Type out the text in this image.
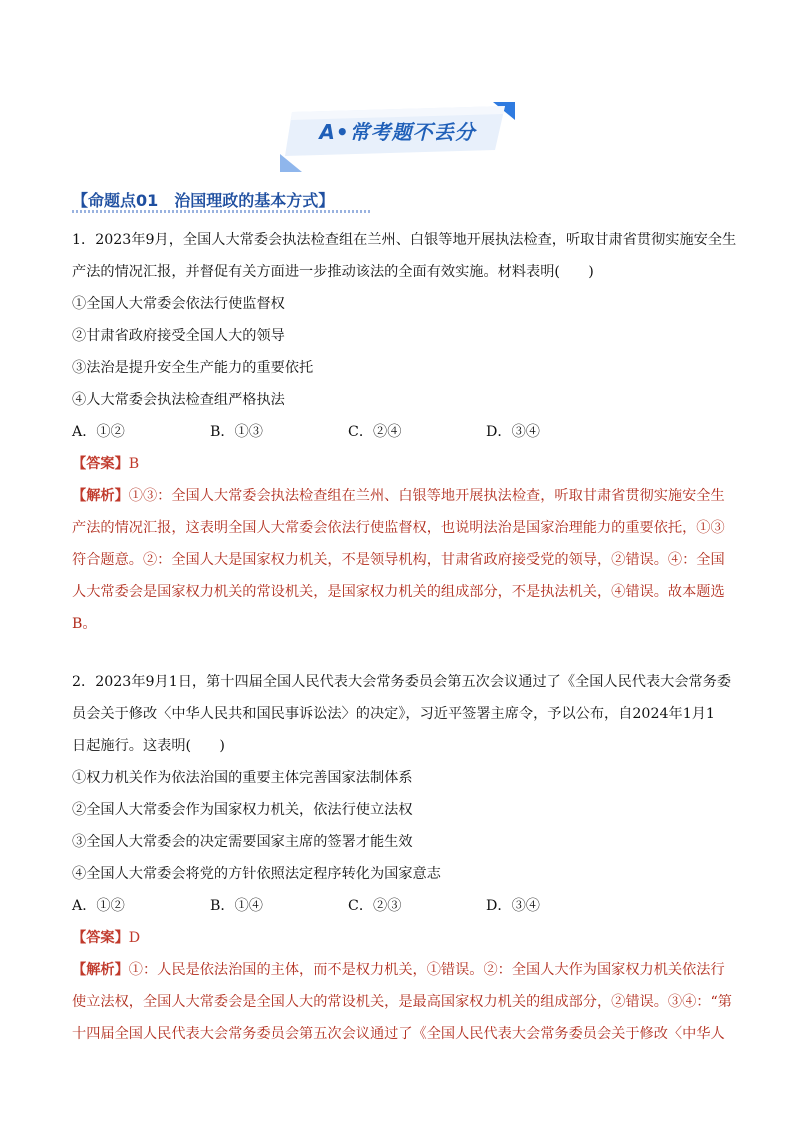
A•常考题不丢分
【命题点01　治国理政的基本方式】
1．2023年9月，全国人大常委会执法检查组在兰州、白银等地开展执法检查，听取甘肃省贯彻实施安全生
产法的情况汇报，并督促有关方面进一步推动该法的全面有效实施。材料表明(　　)
①全国人大常委会依法行使监督权
②甘肃省政府接受全国人大的领导
③法治是提升安全生产能力的重要依托
④人大常委会执法检查组严格执法
A．①②	B．①③	C．②④	D．③④
【答案】B
【解析】①③：全国人大常委会执法检查组在兰州、白银等地开展执法检查，听取甘肃省贯彻实施安全生
产法的情况汇报，这表明全国人大常委会依法行使监督权，也说明法治是国家治理能力的重要依托，①③
符合题意。②：全国人大是国家权力机关，不是领导机构，甘肃省政府接受党的领导，②错误。④：全国
人大常委会是国家权力机关的常设机关，是国家权力机关的组成部分，不是执法机关，④错误。故本题选
B。
2．2023年9月1日，第十四届全国人民代表大会常务委员会第五次会议通过了《全国人民代表大会常务委
员会关于修改〈中华人民共和国民事诉讼法〉的决定》，习近平签署主席令，予以公布，自2024年1月1
日起施行。这表明(　　)
①权力机关作为依法治国的重要主体完善国家法制体系
②全国人大常委会作为国家权力机关，依法行使立法权
③全国人大常委会的决定需要国家主席的签署才能生效
④全国人大常委会将党的方针依照法定程序转化为国家意志
A．①②	B．①④	C．②③	D．③④
【答案】D
【解析】①：人民是依法治国的主体，而不是权力机关，①错误。②：全国人大作为国家权力机关依法行
使立法权，全国人大常委会是全国人大的常设机关，是最高国家权力机关的组成部分，②错误。③④：“第
十四届全国人民代表大会常务委员会第五次会议通过了《全国人民代表大会常务委员会关于修改〈中华人
